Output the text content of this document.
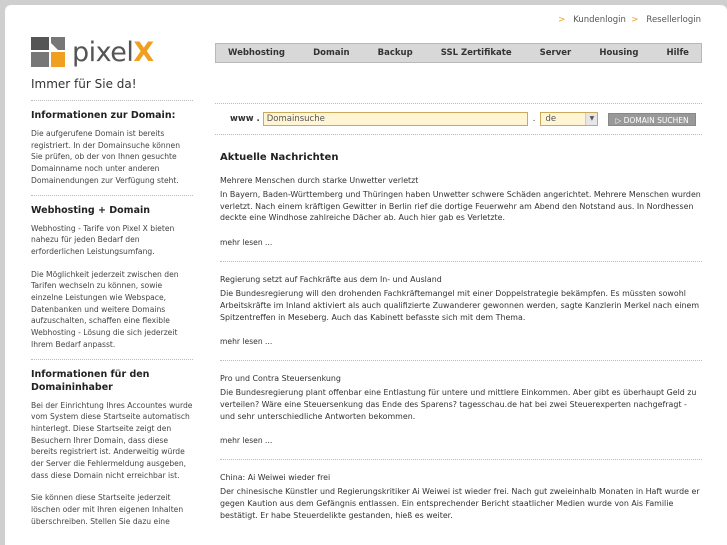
> Kundenlogin > Resellerlogin
pixelX	Webhosting	Domain	Backup	SSL Zertifikate	Server	Housing	Hilfe
Immer für Sie da!
Informationen zur Domain:
Die aufgerufene Domain ist bereits registriert. In der Domainsuche können Sie prüfen, ob der von Ihnen gesuchte Domainname noch unter anderen Domainendungen zur Verfügung steht.
Webhosting + Domain
Webhosting - Tarife von Pixel X bieten nahezu für jeden Bedarf den erforderlichen Leistungsumfang.
Die Möglichkeit jederzeit zwischen den Tarifen wechseln zu können, sowie einzelne Leistungen wie Webspace, Datenbanken und weitere Domains aufzuschalten, schaffen eine flexible Webhosting - Lösung die sich jederzeit Ihrem Bedarf anpasst.
Informationen für den Domaininhaber
Bei der Einrichtung Ihres Accountes wurde vom System diese Startseite automatisch hinterlegt. Diese Startseite zeigt den Besuchern Ihrer Domain, dass diese bereits registriert ist. Anderweitig würde der Server die Fehlermeldung ausgeben, dass diese Domain nicht erreichbar ist.
Sie können diese Startseite jederzeit löschen oder mit Ihren eigenen Inhalten überschreiben. Stellen Sie dazu eine
www .
Domainsuche	. de	▼	▷ DOMAIN SUCHEN
Aktuelle Nachrichten
Mehrere Menschen durch starke Unwetter verletzt
In Bayern, Baden-Württemberg und Thüringen haben Unwetter schwere Schäden angerichtet. Mehrere Menschen wurden verletzt. Nach einem kräftigen Gewitter in Berlin rief die dortige Feuerwehr am Abend den Notstand aus. In Nordhessen deckte eine Windhose zahlreiche Dächer ab. Auch hier gab es Verletzte.
mehr lesen ...
Regierung setzt auf Fachkräfte aus dem In- und Ausland
Die Bundesregierung will den drohenden Fachkräftemangel mit einer Doppelstrategie bekämpfen. Es müssten sowohl Arbeitskräfte im Inland aktiviert als auch qualifizierte Zuwanderer gewonnen werden, sagte Kanzlerin Merkel nach einem Spitzentreffen in Meseberg. Auch das Kabinett befasste sich mit dem Thema.
mehr lesen ...
Pro und Contra Steuersenkung
Die Bundesregierung plant offenbar eine Entlastung für untere und mittlere Einkommen. Aber gibt es überhaupt Geld zu verteilen? Wäre eine Steuersenkung das Ende des Sparens? tagesschau.de hat bei zwei Steuerexperten nachgefragt - und sehr unterschiedliche Antworten bekommen.
mehr lesen ...
China: Ai Weiwei wieder frei
Der chinesische Künstler und Regierungskritiker Ai Weiwei ist wieder frei. Nach gut zweieinhalb Monaten in Haft wurde er gegen Kaution aus dem Gefängnis entlassen. Ein entsprechender Bericht staatlicher Medien wurde von Ais Familie bestätigt. Er habe Steuerdelikte gestanden, hieß es weiter.
